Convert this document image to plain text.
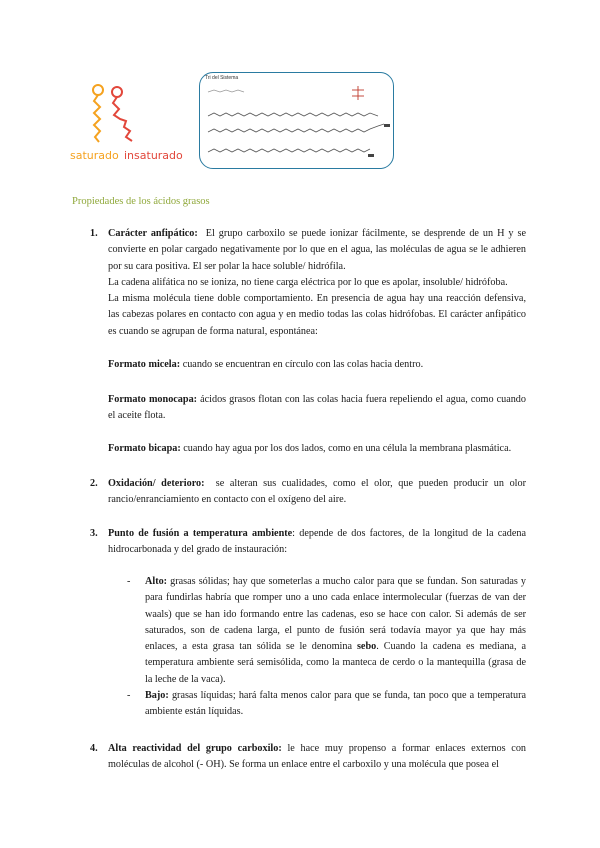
saturado insaturado
Tri del Sistema
Propiedades de los ácidos grasos
1. Carácter anfipático: El grupo carboxilo se puede ionizar fácilmente, se desprende de un H y se convierte en polar cargado negativamente por lo que en el agua, las moléculas de agua se le adhieren por su cara positiva. El ser polar la hace soluble/ hidrófila.

La cadena alifática no se ioniza, no tiene carga eléctrica por lo que es apolar, insoluble/ hidrófoba.

La misma molécula tiene doble comportamiento. En presencia de agua hay una reacción defensiva, las cabezas polares en contacto con agua y en medio todas las colas hidrófobas. El carácter anfipático es cuando se agrupan de forma natural, espontánea:

Formato micela: cuando se encuentran en círculo con las colas hacia dentro.

Formato monocapa: ácidos grasos flotan con las colas hacia fuera repeliendo el agua, como cuando el aceite flota.

Formato bicapa: cuando hay agua por los dos lados, como en una célula la membrana plasmática.

2. Oxidación/ deterioro: se alteran sus cualidades, como el olor, que pueden producir un olor rancio/enranciamiento en contacto con el oxígeno del aire.

3. Punto de fusión a temperatura ambiente: depende de dos factores, de la longitud de la cadena hidrocarbonada y del grado de instauración:

- Alto: grasas sólidas; hay que someterlas a mucho calor para que se fundan. Son saturadas y para fundirlas habría que romper uno a uno cada enlace intermolecular (fuerzas de van der waals) que se han ido formando entre las cadenas, eso se hace con calor. Si además de ser saturados, son de cadena larga, el punto de fusión será todavía mayor ya que hay más enlaces, a esta grasa tan sólida se le denomina sebo. Cuando la cadena es mediana, a temperatura ambiente será semisólida, como la manteca de cerdo o la mantequilla (grasa de la leche de la vaca).

- Bajo: grasas líquidas; hará falta menos calor para que se funda, tan poco que a temperatura ambiente están líquidas.

4. Alta reactividad del grupo carboxilo: le hace muy propenso a formar enlaces externos con moléculas de alcohol (- OH). Se forma un enlace entre el carboxilo y una molécula que posea el
